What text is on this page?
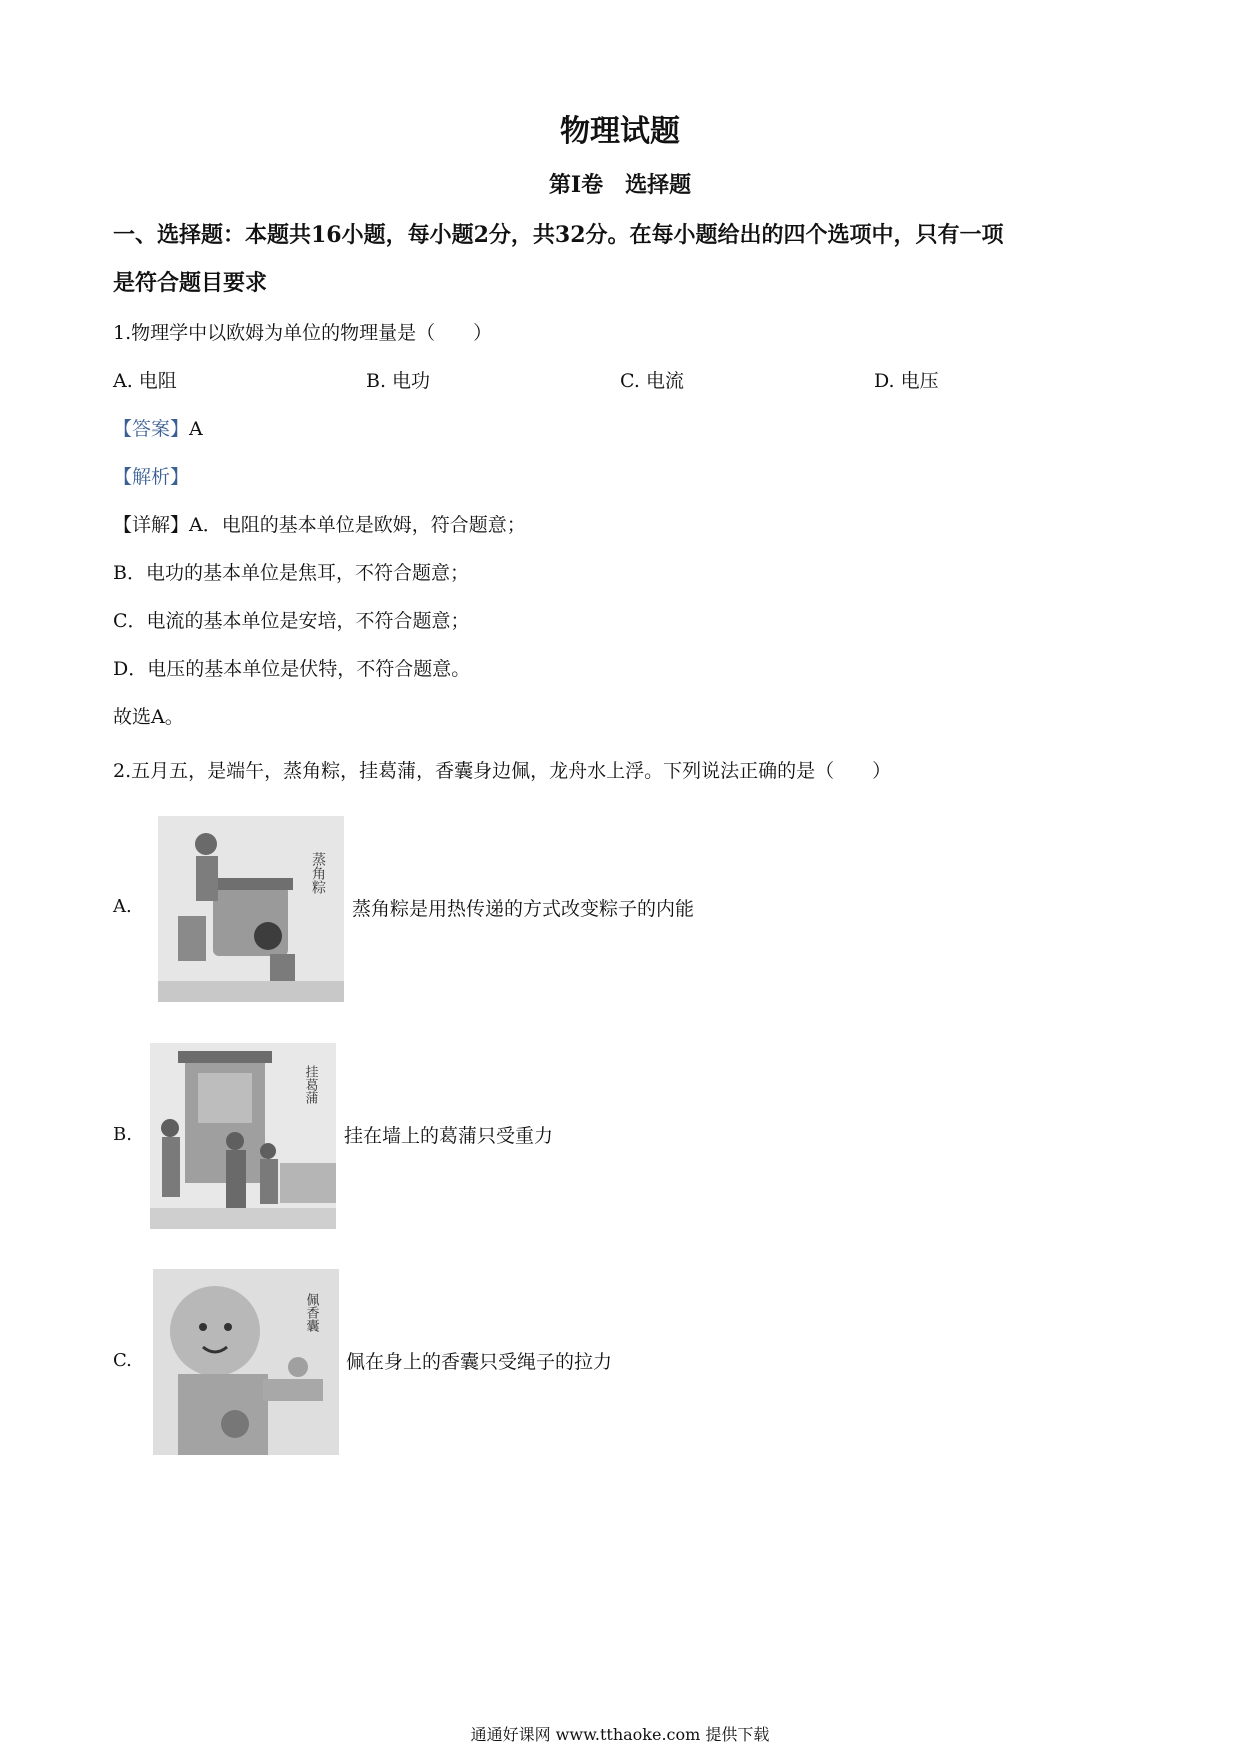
物理试题
第I卷　选择题
一、选择题：本题共16小题，每小题2分，共32分。在每小题给出的四个选项中，只有一项
是符合题目要求
1.物理学中以欧姆为单位的物理量是（　　）
A. 电阻	B. 电功	C. 电流	D. 电压
【答案】A
【解析】
【详解】A．电阻的基本单位是欧姆，符合题意；
B．电功的基本单位是焦耳，不符合题意；
C．电流的基本单位是安培，不符合题意；
D．电压的基本单位是伏特，不符合题意。
故选A。
2.五月五，是端午，蒸角粽，挂葛蒲，香囊身边佩，龙舟水上浮。下列说法正确的是（　　）
A.
蒸角粽
蒸角粽是用热传递的方式改变粽子的内能
B.
挂葛蒲
挂在墙上的葛蒲只受重力
C.
佩香囊
佩在身上的香囊只受绳子的拉力
通通好课网 www.tthaoke.com 提供下载
